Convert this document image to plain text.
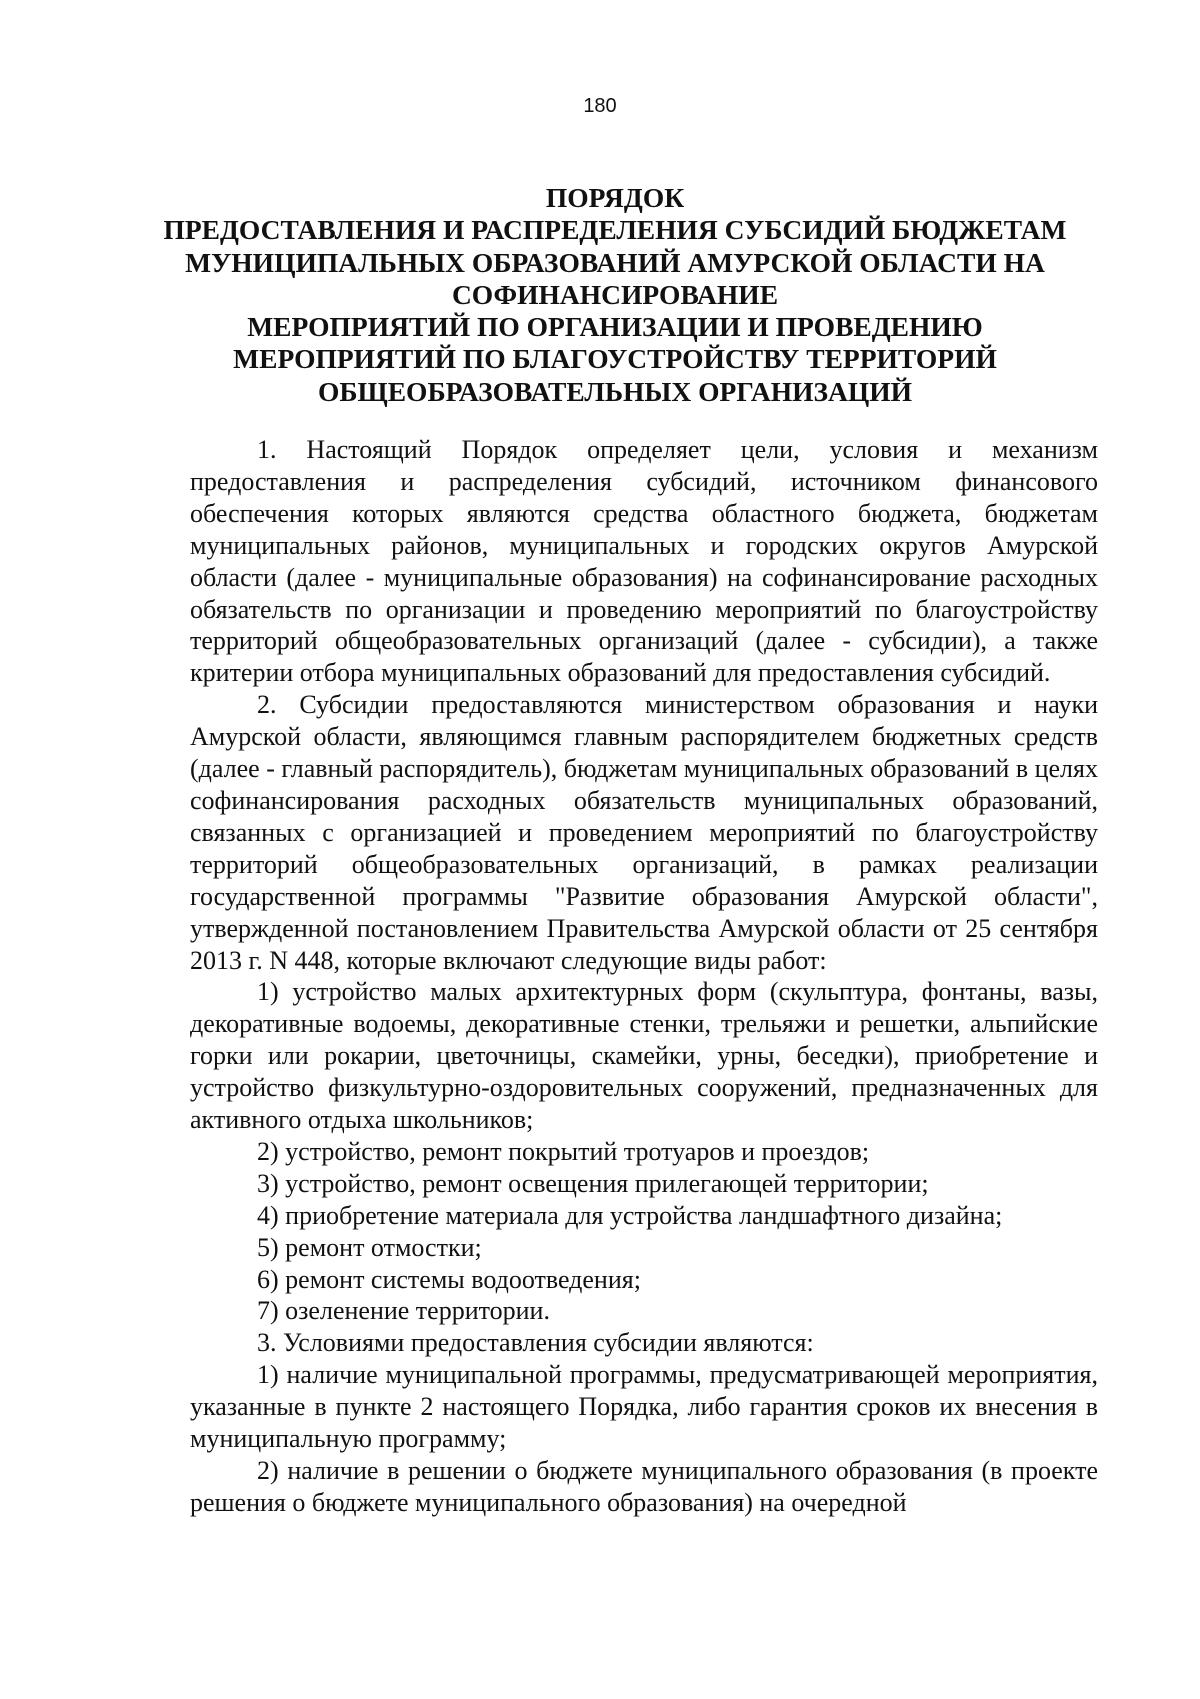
180
ПОРЯДОК
ПРЕДОСТАВЛЕНИЯ И РАСПРЕДЕЛЕНИЯ СУБСИДИЙ БЮДЖЕТАМ
МУНИЦИПАЛЬНЫХ ОБРАЗОВАНИЙ АМУРСКОЙ ОБЛАСТИ НА
СОФИНАНСИРОВАНИЕ
МЕРОПРИЯТИЙ ПО ОРГАНИЗАЦИИ И ПРОВЕДЕНИЮ
МЕРОПРИЯТИЙ ПО БЛАГОУСТРОЙСТВУ ТЕРРИТОРИЙ
ОБЩЕОБРАЗОВАТЕЛЬНЫХ ОРГАНИЗАЦИЙ

1. Настоящий Порядок определяет цели, условия и механизм предоставления и распределения субсидий, источником финансового обеспечения которых являются средства областного бюджета, бюджетам муниципальных районов, муниципальных и городских округов Амурской области (далее - муниципальные образования) на софинансирование расходных обязательств по организации и проведению мероприятий по благоустройству территорий общеобразовательных организаций (далее - субсидии), а также критерии отбора муниципальных образований для предоставления субсидий.

2. Субсидии предоставляются министерством образования и науки Амурской области, являющимся главным распорядителем бюджетных средств (далее - главный распорядитель), бюджетам муниципальных образований в целях софинансирования расходных обязательств муниципальных образований, связанных с организацией и проведением мероприятий по благоустройству территорий общеобразовательных организаций, в рамках реализации государственной программы "Развитие образования Амурской области", утвержденной постановлением Правительства Амурской области от 25 сентября 2013 г. N 448, которые включают следующие виды работ:

1) устройство малых архитектурных форм (скульптура, фонтаны, вазы, декоративные водоемы, декоративные стенки, трельяжи и решетки, альпийские горки или рокарии, цветочницы, скамейки, урны, беседки), приобретение и устройство физкультурно-оздоровительных сооружений, предназначенных для активного отдыха школьников;

2) устройство, ремонт покрытий тротуаров и проездов;

3) устройство, ремонт освещения прилегающей территории;

4) приобретение материала для устройства ландшафтного дизайна;

5) ремонт отмостки;

6) ремонт системы водоотведения;

7) озеленение территории.

3. Условиями предоставления субсидии являются:

1) наличие муниципальной программы, предусматривающей мероприятия, указанные в пункте 2 настоящего Порядка, либо гарантия сроков их внесения в муниципальную программу;

2) наличие в решении о бюджете муниципального образования (в проекте решения о бюджете муниципального образования) на очередной
